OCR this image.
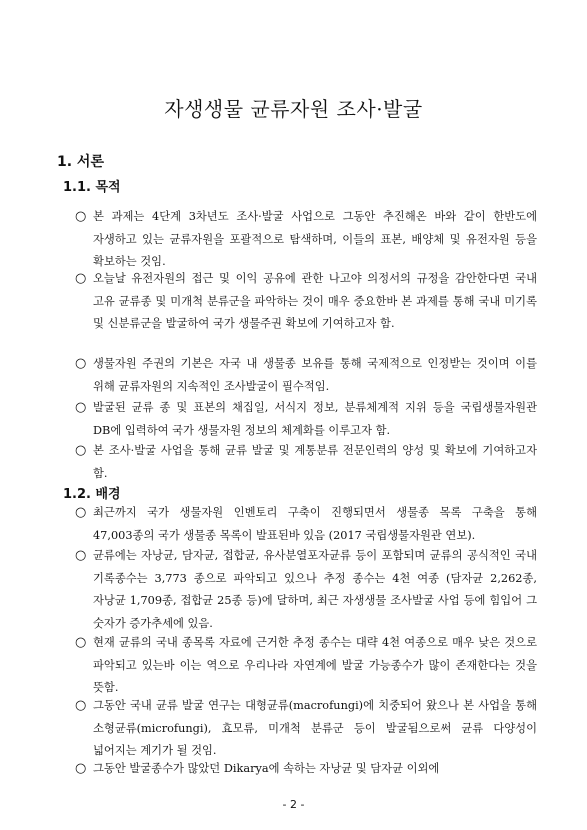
자생생물 균류자원 조사·발굴
1. 서론
1.1. 목적
○ 본 과제는 4단계 3차년도 조사·발굴 사업으로 그동안 추진해온 바와 같이 한반도에 자생하고 있는 균류자원을 포괄적으로 탐색하며, 이들의 표본, 배양체 및 유전자원 등을 확보하는 것임.
○ 오늘날 유전자원의 접근 및 이익 공유에 관한 나고야 의정서의 규정을 감안한다면 국내 고유 균류종 및 미개척 분류군을 파악하는 것이 매우 중요한바 본 과제를 통해 국내 미기록 및 신분류군을 발굴하여 국가 생물주권 확보에 기여하고자 함.
○ 생물자원 주권의 기본은 자국 내 생물종 보유를 통해 국제적으로 인정받는 것이며 이를 위해 균류자원의 지속적인 조사발굴이 필수적임.
○ 발굴된 균류 종 및 표본의 채집일, 서식지 정보, 분류체계적 지위 등을 국립생물자원관 DB에 입력하여 국가 생물자원 정보의 체계화를 이루고자 함.
○ 본 조사·발굴 사업을 통해 균류 발굴 및 계통분류 전문인력의 양성 및 확보에 기여하고자 함.
1.2. 배경
○ 최근까지 국가 생물자원 인벤토리 구축이 진행되면서 생물종 목록 구축을 통해 47,003종의 국가 생물종 목록이 발표된바 있음 (2017 국립생물자원관 연보).
○ 균류에는 자낭균, 담자균, 접합균, 유사분열포자균류 등이 포함되며 균류의 공식적인 국내 기록종수는 3,773 종으로 파악되고 있으나 추정 종수는 4천 여종 (담자균 2,262종, 자낭균 1,709종, 접합균 25종 등)에 달하며, 최근 자생생물 조사발굴 사업 등에 힘입어 그 숫자가 증가추세에 있음.
○ 현재 균류의 국내 종목록 자료에 근거한 추정 종수는 대략 4천 여종으로 매우 낮은 것으로 파악되고 있는바 이는 역으로 우리나라 자연계에 발굴 가능종수가 많이 존재한다는 것을 뜻함.
○ 그동안 국내 균류 발굴 연구는 대형균류(macrofungi)에 치중되어 왔으나 본 사업을 통해 소형균류(microfungi), 효모류, 미개척 분류군 등이 발굴됨으로써 균류 다양성이 넓어지는 계기가 될 것임.
○ 그동안 발굴종수가 많았던 Dikarya에 속하는 자낭균 및 담자균 이외에
- 2 -
